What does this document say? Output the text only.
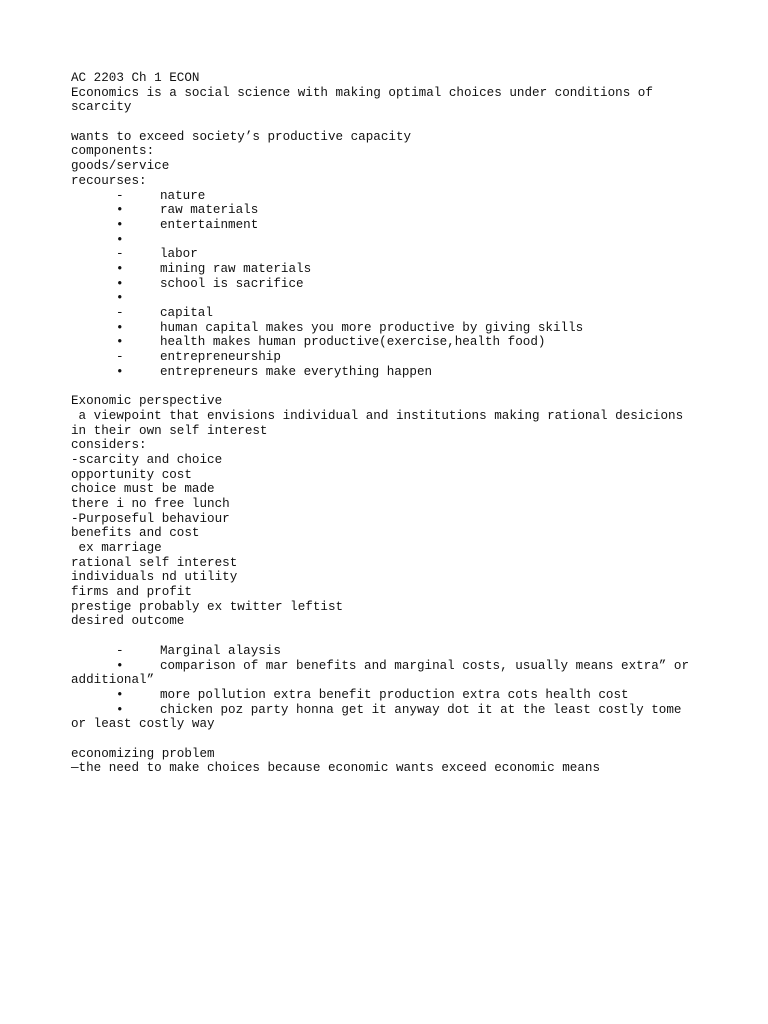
AC 2203 Ch 1 ECON
Economics is a social science with making optimal choices under conditions of
scarcity
wants to exceed society’s productive capacity
components:
goods/service
recourses:
-	nature
•	raw materials
•	entertainment
•
-	labor
•	mining raw materials
•	school is sacrifice
•
-	capital
•	human capital makes you more productive by giving skills
•	health makes human productive(exercise,health food)
-	entrepreneurship
•	entrepreneurs make everything happen
Exonomic perspective
a viewpoint that envisions individual and institutions making rational desicions
in their own self interest
considers:
-scarcity and choice
opportunity cost
choice must be made
there i no free lunch
-Purposeful behaviour
benefits and cost
ex marriage
rational self interest
individuals nd utility
firms and profit
prestige probably ex twitter leftist
desired outcome
-	Marginal alaysis
•	comparison of mar benefits and marginal costs, usually means extra” or
additional”
•	more pollution extra benefit production extra cots health cost
•	chicken poz party honna get it anyway dot it at the least costly tome
or least costly way
economizing problem
—the need to make choices because economic wants exceed economic means
